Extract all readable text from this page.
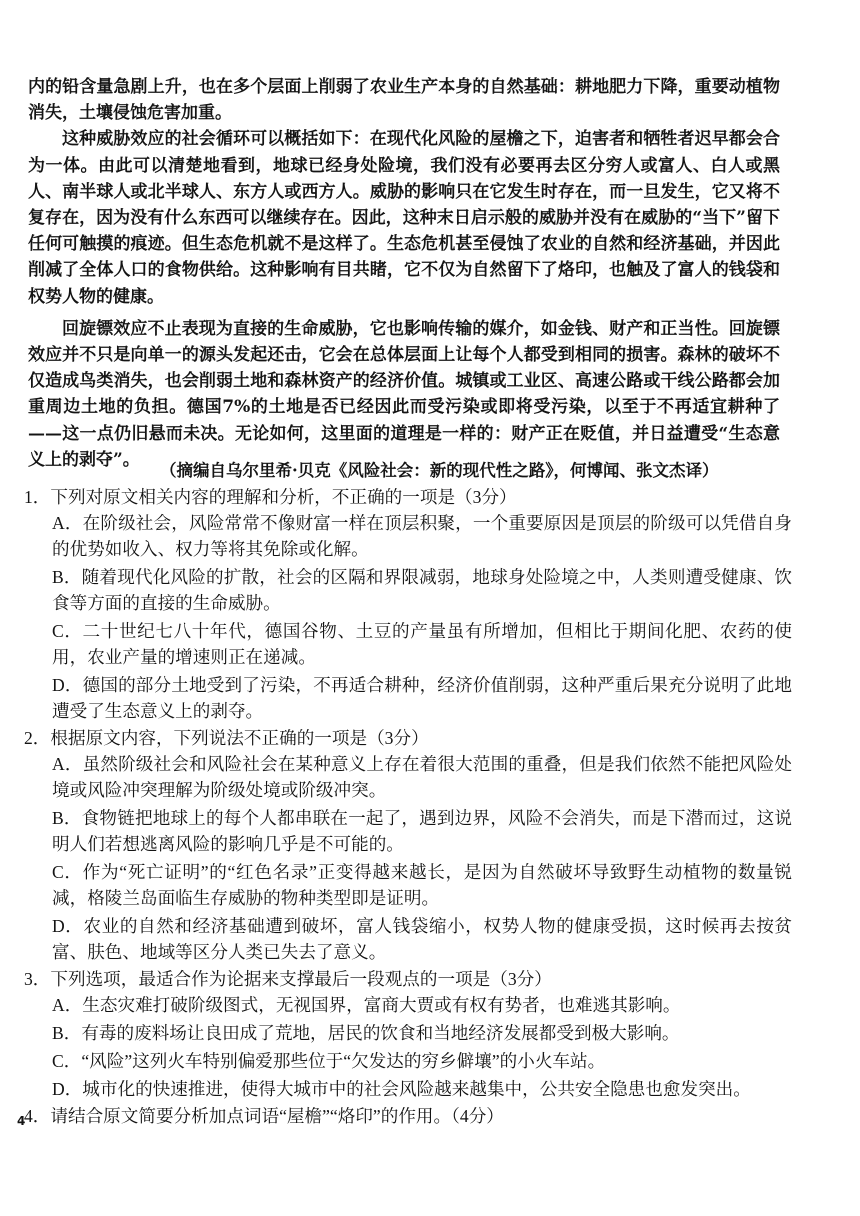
内的铅含量急剧上升，也在多个层面上削弱了农业生产本身的自然基础：耕地肥力下降，重要动植物消失，土壤侵蚀危害加重。

这种威胁效应的社会循环可以概括如下：在现代化风险的屋檐之下，迫害者和牺牲者迟早都会合为一体。由此可以清楚地看到，地球已经身处险境，我们没有必要再去区分穷人或富人、白人或黑人、南半球人或北半球人、东方人或西方人。威胁的影响只在它发生时存在，而一旦发生，它又将不复存在，因为没有什么东西可以继续存在。因此，这种末日启示般的威胁并没有在威胁的“当下”留下任何可触摸的痕迹。但生态危机就不是这样了。生态危机甚至侵蚀了农业的自然和经济基础，并因此削减了全体人口的食物供给。这种影响有目共睹，它不仅为自然留下了烙印，也触及了富人的钱袋和权势人物的健康。

回旋镖效应不止表现为直接的生命威胁，它也影响传输的媒介，如金钱、财产和正当性。回旋镖效应并不只是向单一的源头发起还击，它会在总体层面上让每个人都受到相同的损害。森林的破坏不仅造成鸟类消失，也会削弱土地和森林资产的经济价值。城镇或工业区、高速公路或干线公路都会加重周边土地的负担。德国7%的土地是否已经因此而受污染或即将受污染，以至于不再适宜耕种了——这一点仍旧悬而未决。无论如何，这里面的道理是一样的：财产正在贬值，并日益遭受“生态意义上的剥夺”。

（摘编自乌尔里希·贝克《风险社会：新的现代性之路》，何博闻、张文杰译）

1．下列对原文相关内容的理解和分析，不正确的一项是（3分）

A．在阶级社会，风险常常不像财富一样在顶层积聚，一个重要原因是顶层的阶级可以凭借自身的优势如收入、权力等将其免除或化解。

B．随着现代化风险的扩散，社会的区隔和界限减弱，地球身处险境之中，人类则遭受健康、饮食等方面的直接的生命威胁。

C．二十世纪七八十年代，德国谷物、土豆的产量虽有所增加，但相比于期间化肥、农药的使用，农业产量的增速则正在递减。

D．德国的部分土地受到了污染，不再适合耕种，经济价值削弱，这种严重后果充分说明了此地遭受了生态意义上的剥夺。

2．根据原文内容，下列说法不正确的一项是（3分）

A．虽然阶级社会和风险社会在某种意义上存在着很大范围的重叠，但是我们依然不能把风险处境或风险冲突理解为阶级处境或阶级冲突。

B．食物链把地球上的每个人都串联在一起了，遇到边界，风险不会消失，而是下潜而过，这说明人们若想逃离风险的影响几乎是不可能的。

C．作为“死亡证明”的“红色名录”正变得越来越长，是因为自然破坏导致野生动植物的数量锐减，格陵兰岛面临生存威胁的物种类型即是证明。

D．农业的自然和经济基础遭到破坏，富人钱袋缩小，权势人物的健康受损，这时候再去按贫富、肤色、地域等区分人类已失去了意义。

3．下列选项，最适合作为论据来支撑最后一段观点的一项是（3分）

A．生态灾难打破阶级图式，无视国界，富商大贾或有权有势者，也难逃其影响。

B．有毒的废料场让良田成了荒地，居民的饮食和当地经济发展都受到极大影响。

C．“风险”这列火车特别偏爱那些位于“欠发达的穷乡僻壤”的小火车站。

D．城市化的快速推进，使得大城市中的社会风险越来越集中，公共安全隐患也愈发突出。

4．请结合原文简要分析加点词语“屋檐”“烙印”的作用。（4分）

4
